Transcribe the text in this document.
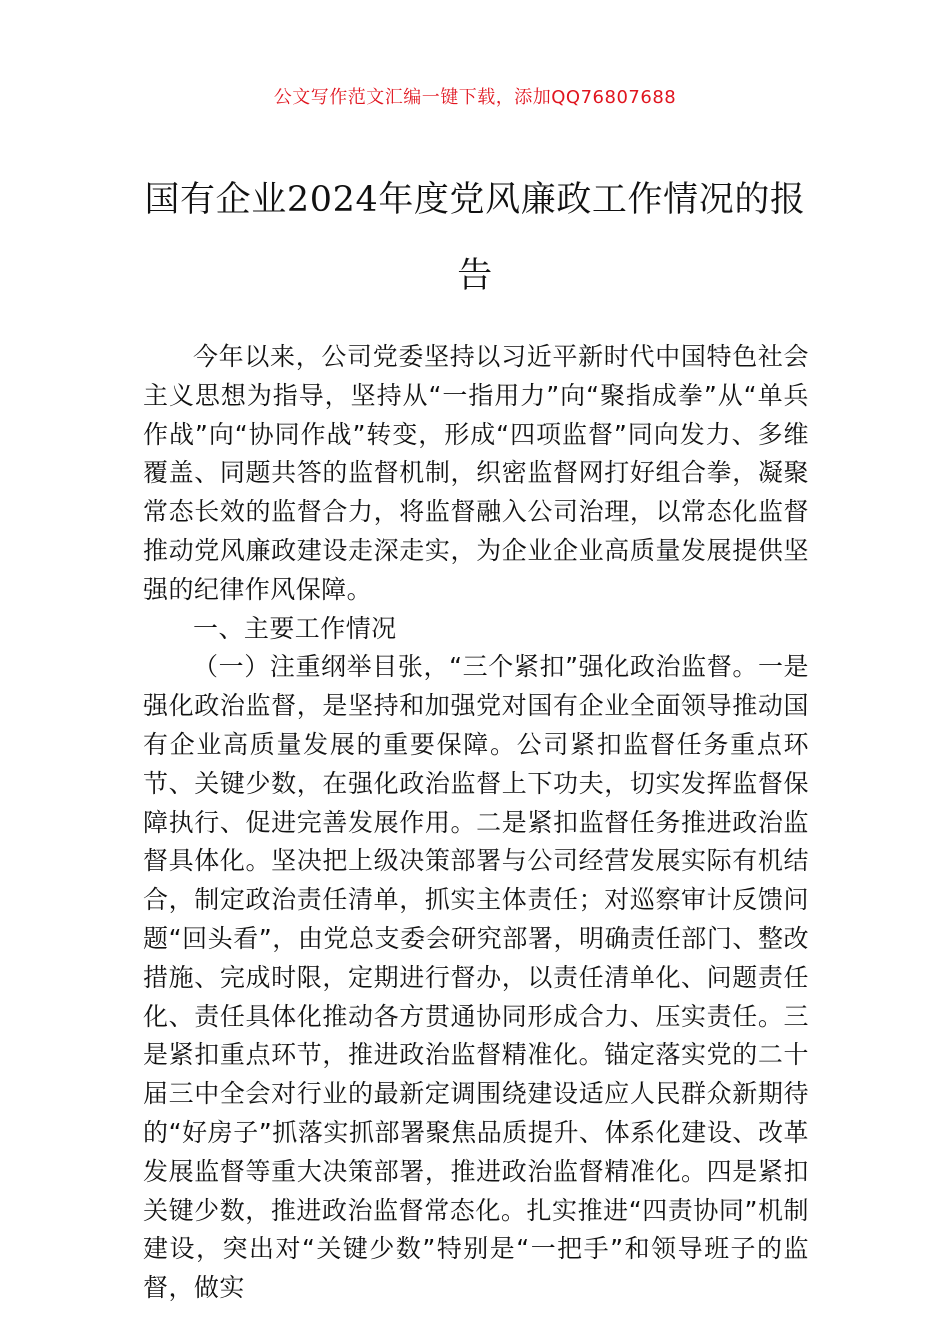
公文写作范文汇编一键下载，添加QQ76807688
国有企业2024年度党风廉政工作情况的报告

今年以来，公司党委坚持以习近平新时代中国特色社会主义思想为指导，坚持从“一指用力”向“聚指成拳”从“单兵作战”向“协同作战”转变，形成“四项监督”同向发力、多维覆盖、同题共答的监督机制，织密监督网打好组合拳，凝聚常态长效的监督合力，将监督融入公司治理，以常态化监督推动党风廉政建设走深走实，为企业企业高质量发展提供坚强的纪律作风保障。

一、主要工作情况

（一）注重纲举目张，“三个紧扣”强化政治监督。一是强化政治监督，是坚持和加强党对国有企业全面领导推动国有企业高质量发展的重要保障。公司紧扣监督任务重点环节、关键少数，在强化政治监督上下功夫，切实发挥监督保障执行、促进完善发展作用。二是紧扣监督任务推进政治监督具体化。坚决把上级决策部署与公司经营发展实际有机结合，制定政治责任清单，抓实主体责任；对巡察审计反馈问题“回头看”，由党总支委会研究部署，明确责任部门、整改措施、完成时限，定期进行督办，以责任清单化、问题责任化、责任具体化推动各方贯通协同形成合力、压实责任。三是紧扣重点环节，推进政治监督精准化。锚定落实党的二十届三中全会对行业的最新定调围绕建设适应人民群众新期待的“好房子”抓落实抓部署聚焦品质提升、体系化建设、改革发展监督等重大决策部署，推进政治监督精准化。四是紧扣关键少数，推进政治监督常态化。扎实推进“四责协同”机制建设，突出对“关键少数”特别是“一把手”和领导班子的监督，做实
